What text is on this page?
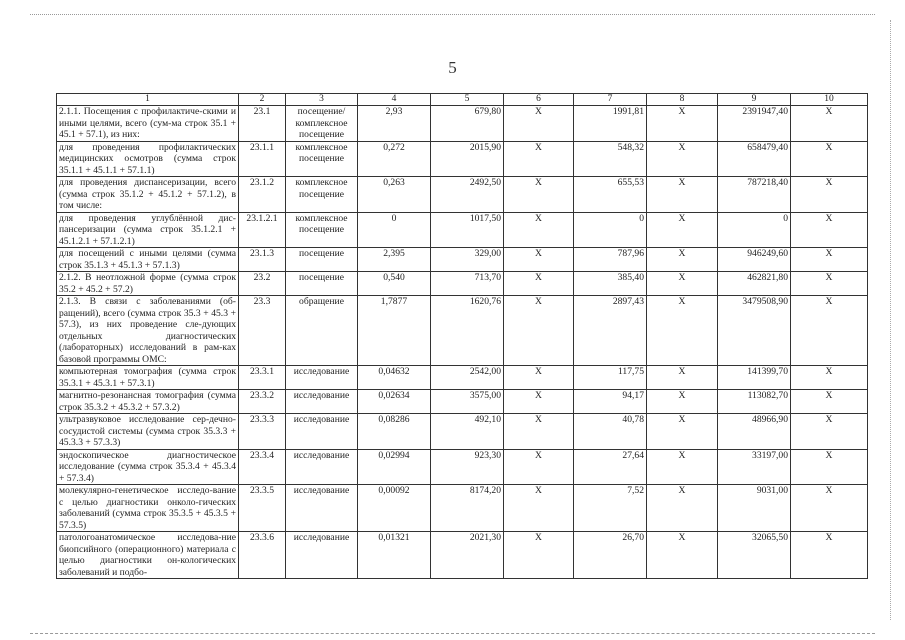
5
1	2	3	4	5	6	7	8	9	10
2.1.1. Посещения с профилактиче-скими и иными целями, всего (сум-ма строк 35.1 + 45.1 + 57.1), из них:	23.1	посещение/ комплексное посещение	2,93	679,80	Х	1991,81	Х	2391947,40	Х
для проведения профилактических медицинских осмотров (сумма строк 35.1.1 + 45.1.1 + 57.1.1)	23.1.1	комплексное посещение	0,272	2015,90	Х	548,32	Х	658479,40	Х
для проведения диспансеризации, всего (сумма строк 35.1.2 + 45.1.2 + 57.1.2), в том числе:	23.1.2	комплексное посещение	0,263	2492,50	Х	655,53	Х	787218,40	Х
для проведения углублённой дис-пансеризации (сумма строк 35.1.2.1 + 45.1.2.1 + 57.1.2.1)	23.1.2.1	комплексное посещение	0	1017,50	Х	0	Х	0	Х
для посещений с иными целями (сумма строк 35.1.3 + 45.1.3 + 57.1.3)	23.1.3	посещение	2,395	329,00	Х	787,96	Х	946249,60	Х
2.1.2. В неотложной форме (сумма строк 35.2 + 45.2 + 57.2)	23.2	посещение	0,540	713,70	Х	385,40	Х	462821,80	Х
2.1.3. В связи с заболеваниями (об-ращений), всего (сумма строк 35.3 + 45.3 + 57.3), из них проведение сле-дующих отдельных диагностических (лабораторных) исследований в рам-ках базовой программы ОМС:	23.3	обращение	1,7877	1620,76	Х	2897,43	Х	3479508,90	Х
компьютерная томография (сумма строк 35.3.1 + 45.3.1 + 57.3.1)	23.3.1	исследование	0,04632	2542,00	Х	117,75	Х	141399,70	Х
магнитно-резонансная томография (сумма строк 35.3.2 + 45.3.2 + 57.3.2)	23.3.2	исследование	0,02634	3575,00	Х	94,17	Х	113082,70	Х
ультразвуковое исследование сер-дечно-сосудистой системы (сумма строк 35.3.3 + 45.3.3 + 57.3.3)	23.3.3	исследование	0,08286	492,10	Х	40,78	Х	48966,90	Х
эндоскопическое диагностическое исследование (сумма строк 35.3.4 + 45.3.4 + 57.3.4)	23.3.4	исследование	0,02994	923,30	Х	27,64	Х	33197,00	Х
молекулярно-генетическое исследо-вание с целью диагностики онколо-гических заболеваний (сумма строк 35.3.5 + 45.3.5 + 57.3.5)	23.3.5	исследование	0,00092	8174,20	Х	7,52	Х	9031,00	Х
патологоанатомическое исследова-ние биопсийного (операционного) материала с целью диагностики он-кологических заболеваний и подбо-	23.3.6	исследование	0,01321	2021,30	Х	26,70	Х	32065,50	Х
